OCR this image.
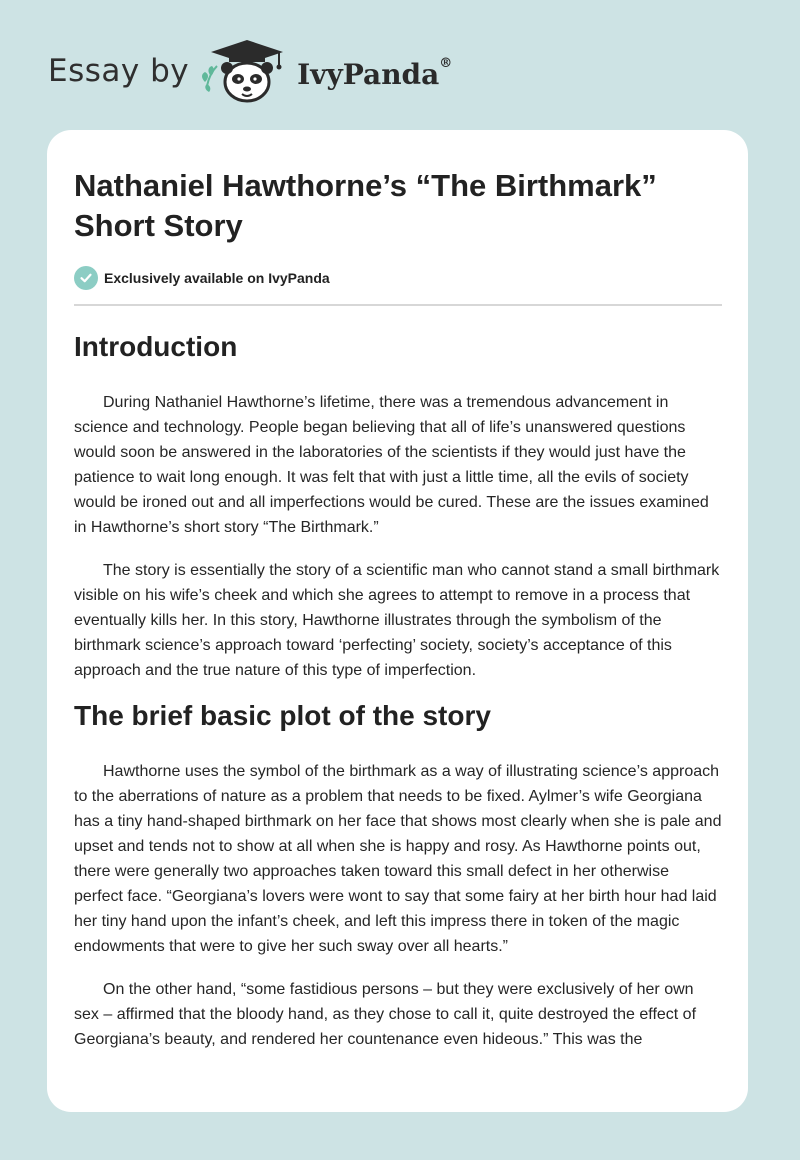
Essay by	IvyPanda®
Nathaniel Hawthorne’s “The Birthmark”
Short Story
Exclusively available on IvyPanda
Introduction

During Nathaniel Hawthorne’s lifetime, there was a tremendous advancement in science and technology. People began believing that all of life’s unanswered questions would soon be answered in the laboratories of the scientists if they would just have the patience to wait long enough. It was felt that with just a little time, all the evils of society would be ironed out and all imperfections would be cured. These are the issues examined in Hawthorne’s short story “The Birthmark.”

The story is essentially the story of a scientific man who cannot stand a small birthmark visible on his wife’s cheek and which she agrees to attempt to remove in a process that eventually kills her. In this story, Hawthorne illustrates through the symbolism of the birthmark science’s approach toward ‘perfecting’ society, society’s acceptance of this approach and the true nature of this type of imperfection.

The brief basic plot of the story

Hawthorne uses the symbol of the birthmark as a way of illustrating science’s approach to the aberrations of nature as a problem that needs to be fixed. Aylmer’s wife Georgiana has a tiny hand-shaped birthmark on her face that shows most clearly when she is pale and upset and tends not to show at all when she is happy and rosy. As Hawthorne points out, there were generally two approaches taken toward this small defect in her otherwise perfect face. “Georgiana’s lovers were wont to say that some fairy at her birth hour had laid her tiny hand upon the infant’s cheek, and left this impress there in token of the magic endowments that were to give her such sway over all hearts.”

On the other hand, “some fastidious persons – but they were exclusively of her own sex – affirmed that the bloody hand, as they chose to call it, quite destroyed the effect of Georgiana’s beauty, and rendered her countenance even hideous.” This was the
